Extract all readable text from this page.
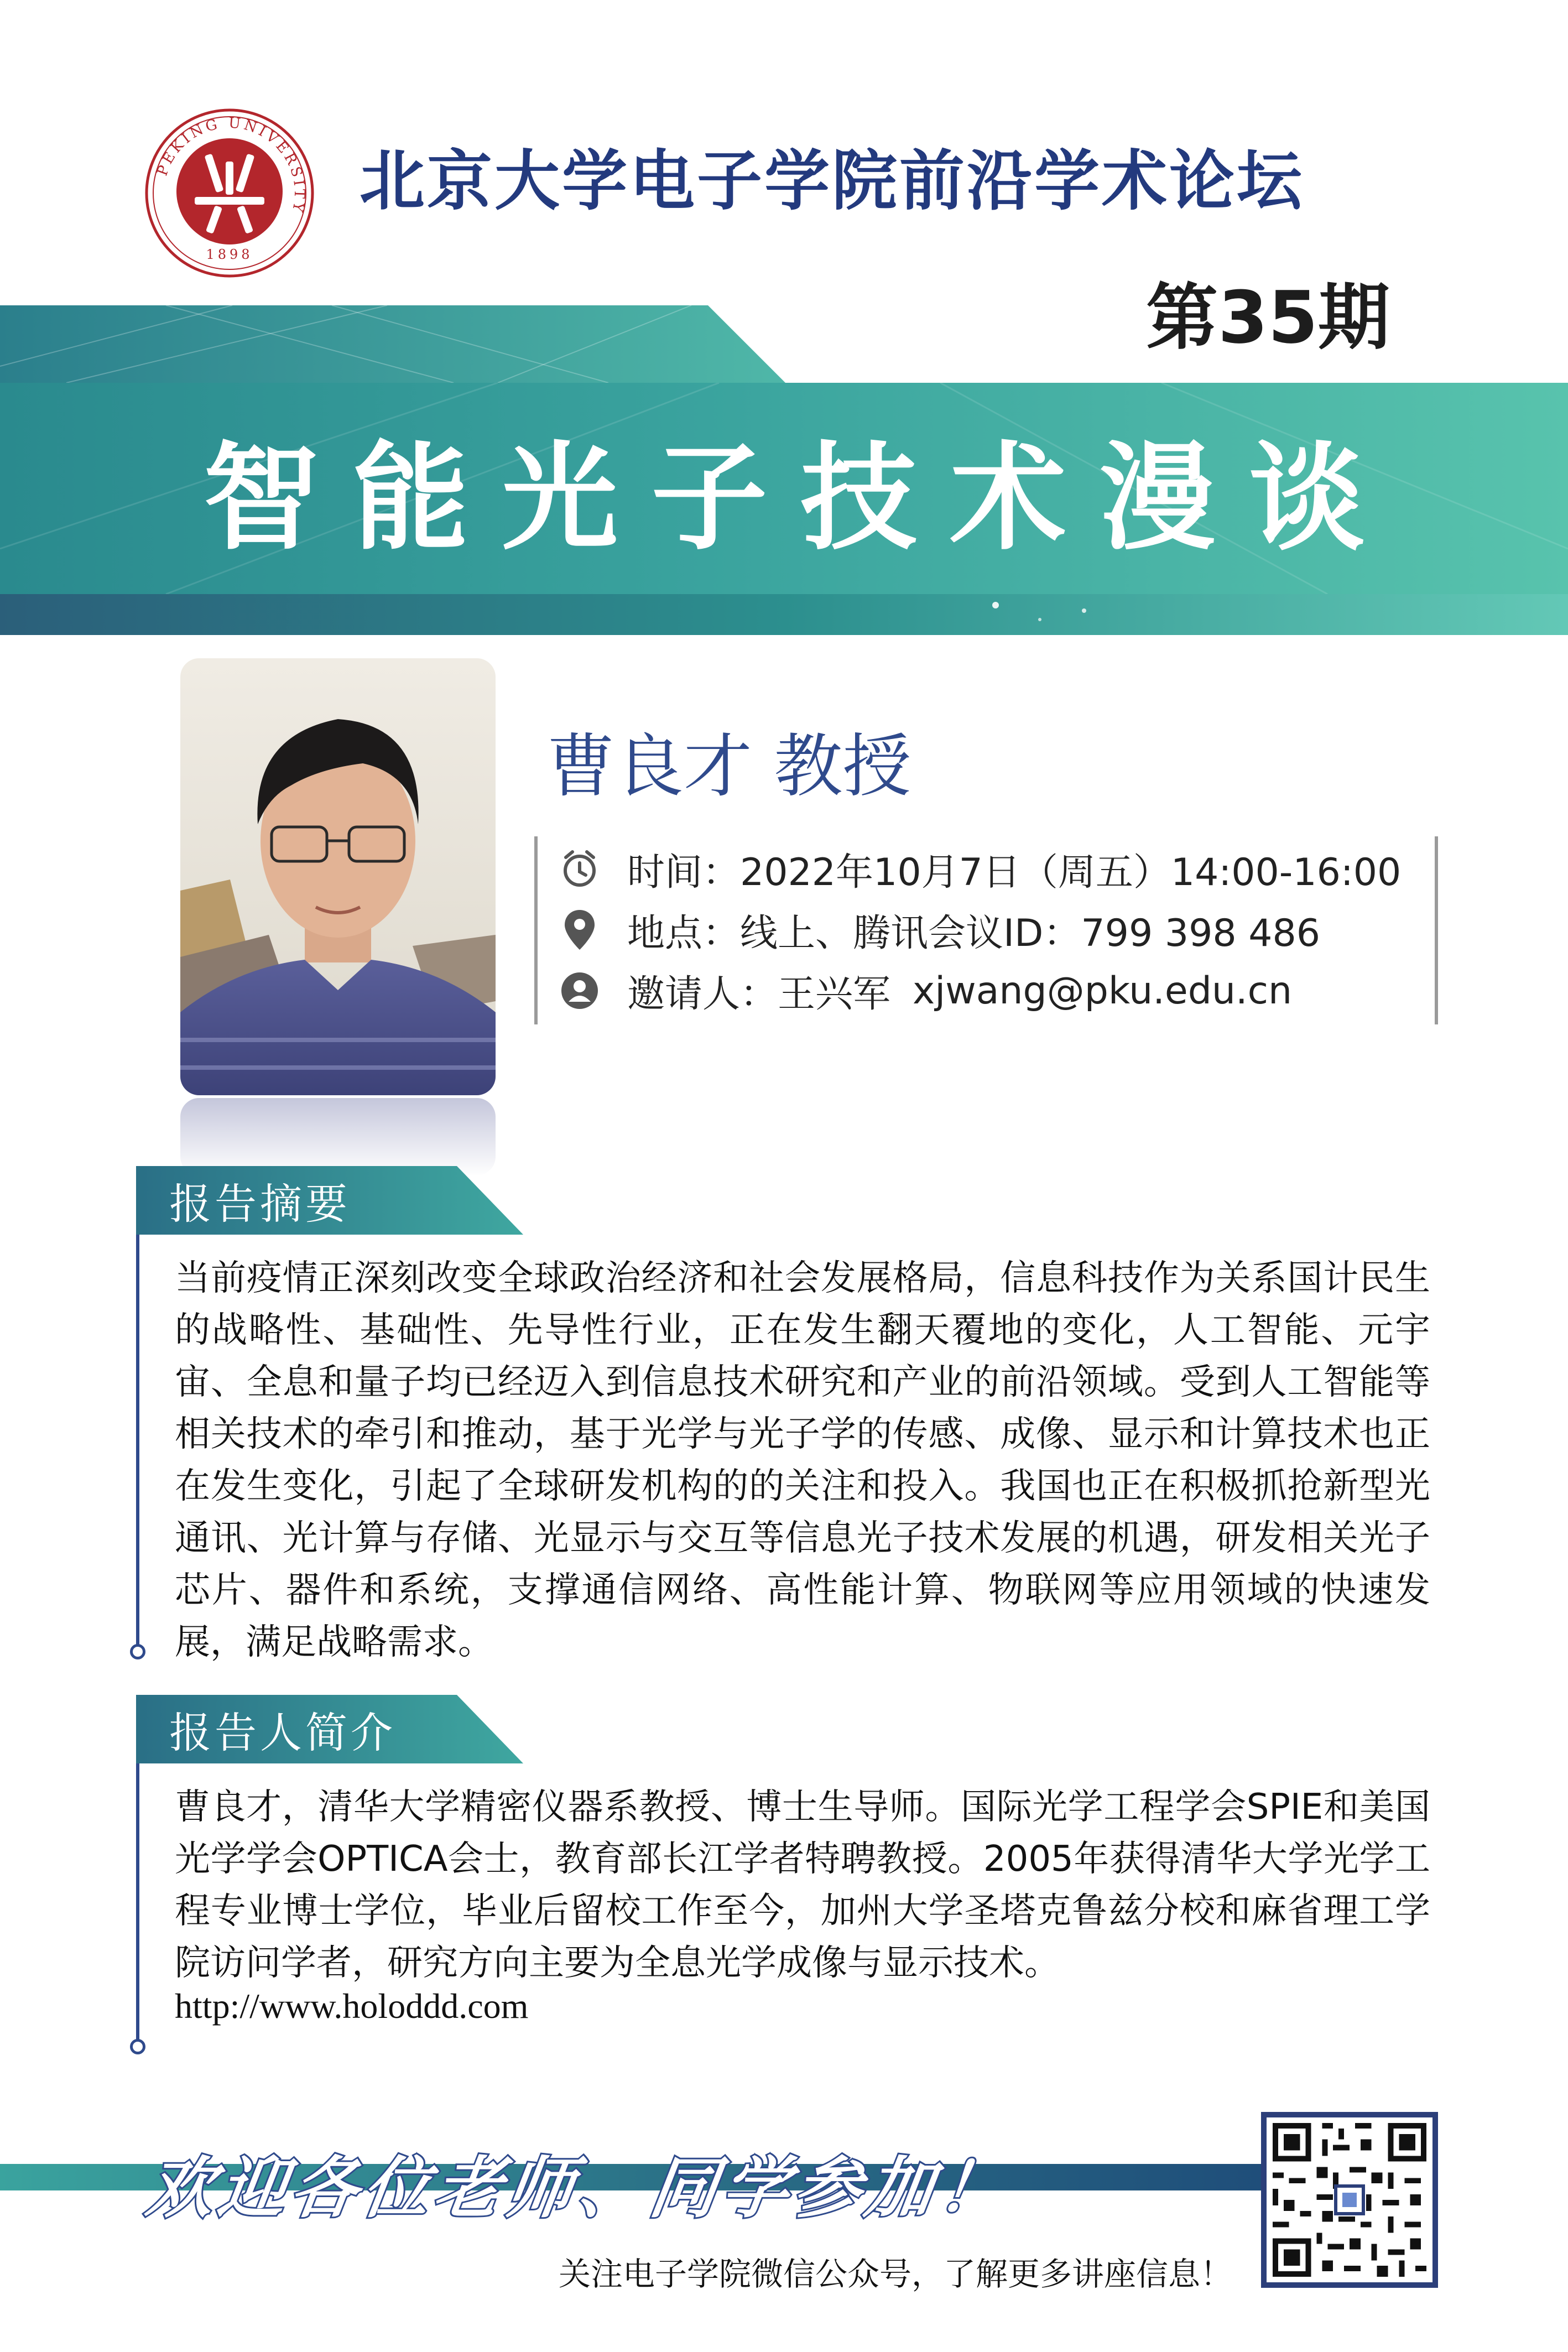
PEKING UNIVERSITY
1898
北京大学电子学院前沿学术论坛
第35期
智能光子技术漫谈
曹良才 教授
时间：2022年10月7日（周五）14:00-16:00
地点：线上、腾讯会议ID：799 398 486
邀请人：王兴军 xjwang@pku.edu.cn
报告摘要
当前疫情正深刻改变全球政治经济和社会发展格局，信息科技作为关系国计民生的战略性、基础性、先导性行业，正在发生翻天覆地的变化，人工智能、元宇宙、全息和量子均已经迈入到信息技术研究和产业的前沿领域。受到人工智能等相关技术的牵引和推动，基于光学与光子学的传感、成像、显示和计算技术也正在发生变化，引起了全球研发机构的的关注和投入。我国也正在积极抓抢新型光通讯、光计算与存储、光显示与交互等信息光子技术发展的机遇，研发相关光子芯片、器件和系统，支撑通信网络、高性能计算、物联网等应用领域的快速发展，满足战略需求。
报告人简介
曹良才，清华大学精密仪器系教授、博士生导师。国际光学工程学会SPIE和美国光学学会OPTICA会士，教育部长江学者特聘教授。2005年获得清华大学光学工程专业博士学位，毕业后留校工作至今，加州大学圣塔克鲁兹分校和麻省理工学院访问学者，研究方向主要为全息光学成像与显示技术。
http://www.holoddd.com
欢迎各位老师、同学参加！
关注电子学院微信公众号，了解更多讲座信息！
